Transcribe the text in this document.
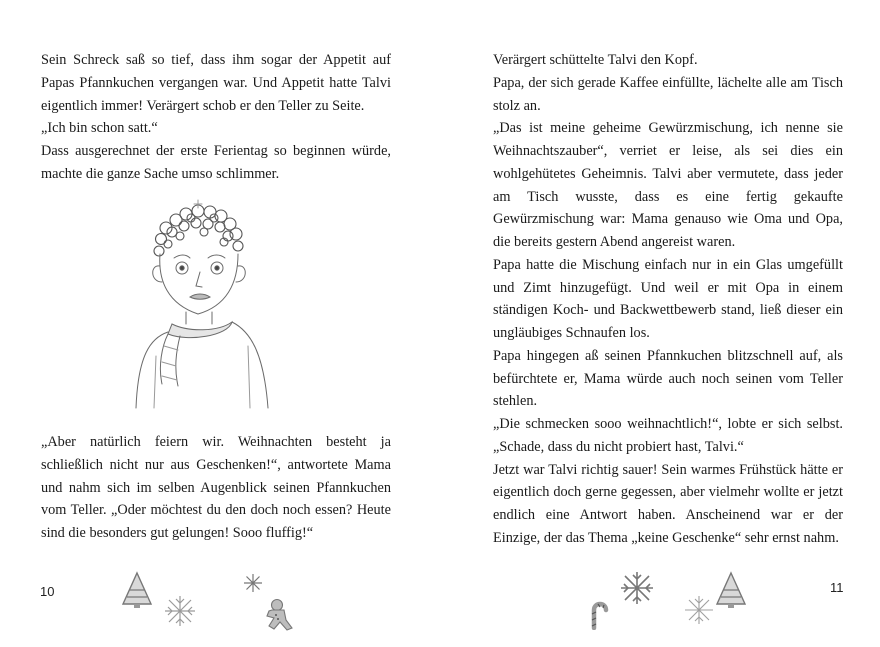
Sein Schreck saß so tief, dass ihm sogar der Appetit auf Papas Pfannkuchen vergangen war. Und Appetit hatte Talvi eigentlich immer! Verärgert schob er den Teller zu Seite.

„Ich bin schon satt.“

Dass ausgerechnet der erste Ferientag so beginnen würde, machte die ganze Sache umso schlimmer.

„Aber natürlich feiern wir. Weihnachten besteht ja schließlich nicht nur aus Geschenken!“, antwortete Mama und nahm sich im selben Augenblick seinen Pfannkuchen vom Teller. „Oder möchtest du den doch noch essen? Heute sind die besonders gut gelungen! Sooo fluffig!“

10

Verärgert schüttelte Talvi den Kopf.

Papa, der sich gerade Kaffee einfüllte, lächelte alle am Tisch stolz an.

„Das ist meine geheime Gewürzmischung, ich nenne sie Weihnachtszauber“, verriet er leise, als sei dies ein wohlgehütetes Geheimnis. Talvi aber vermutete, dass jeder am Tisch wusste, dass es eine fertig gekaufte Gewürzmischung war: Mama genauso wie Oma und Opa, die bereits gestern Abend angereist waren.

Papa hatte die Mischung einfach nur in ein Glas umgefüllt und Zimt hinzugefügt. Und weil er mit Opa in einem ständigen Koch- und Backwettbewerb stand, ließ dieser ein ungläubiges Schnaufen los.

Papa hingegen aß seinen Pfannkuchen blitzschnell auf, als befürchtete er, Mama würde auch noch seinen vom Teller stehlen.

„Die schmecken sooo weihnachtlich!“, lobte er sich selbst. „Schade, dass du nicht probiert hast, Talvi.“

Jetzt war Talvi richtig sauer! Sein warmes Frühstück hätte er eigentlich doch gerne gegessen, aber vielmehr wollte er jetzt endlich eine Antwort haben. Anscheinend war er der Einzige, der das Thema „keine Geschenke“ sehr ernst nahm.

11
